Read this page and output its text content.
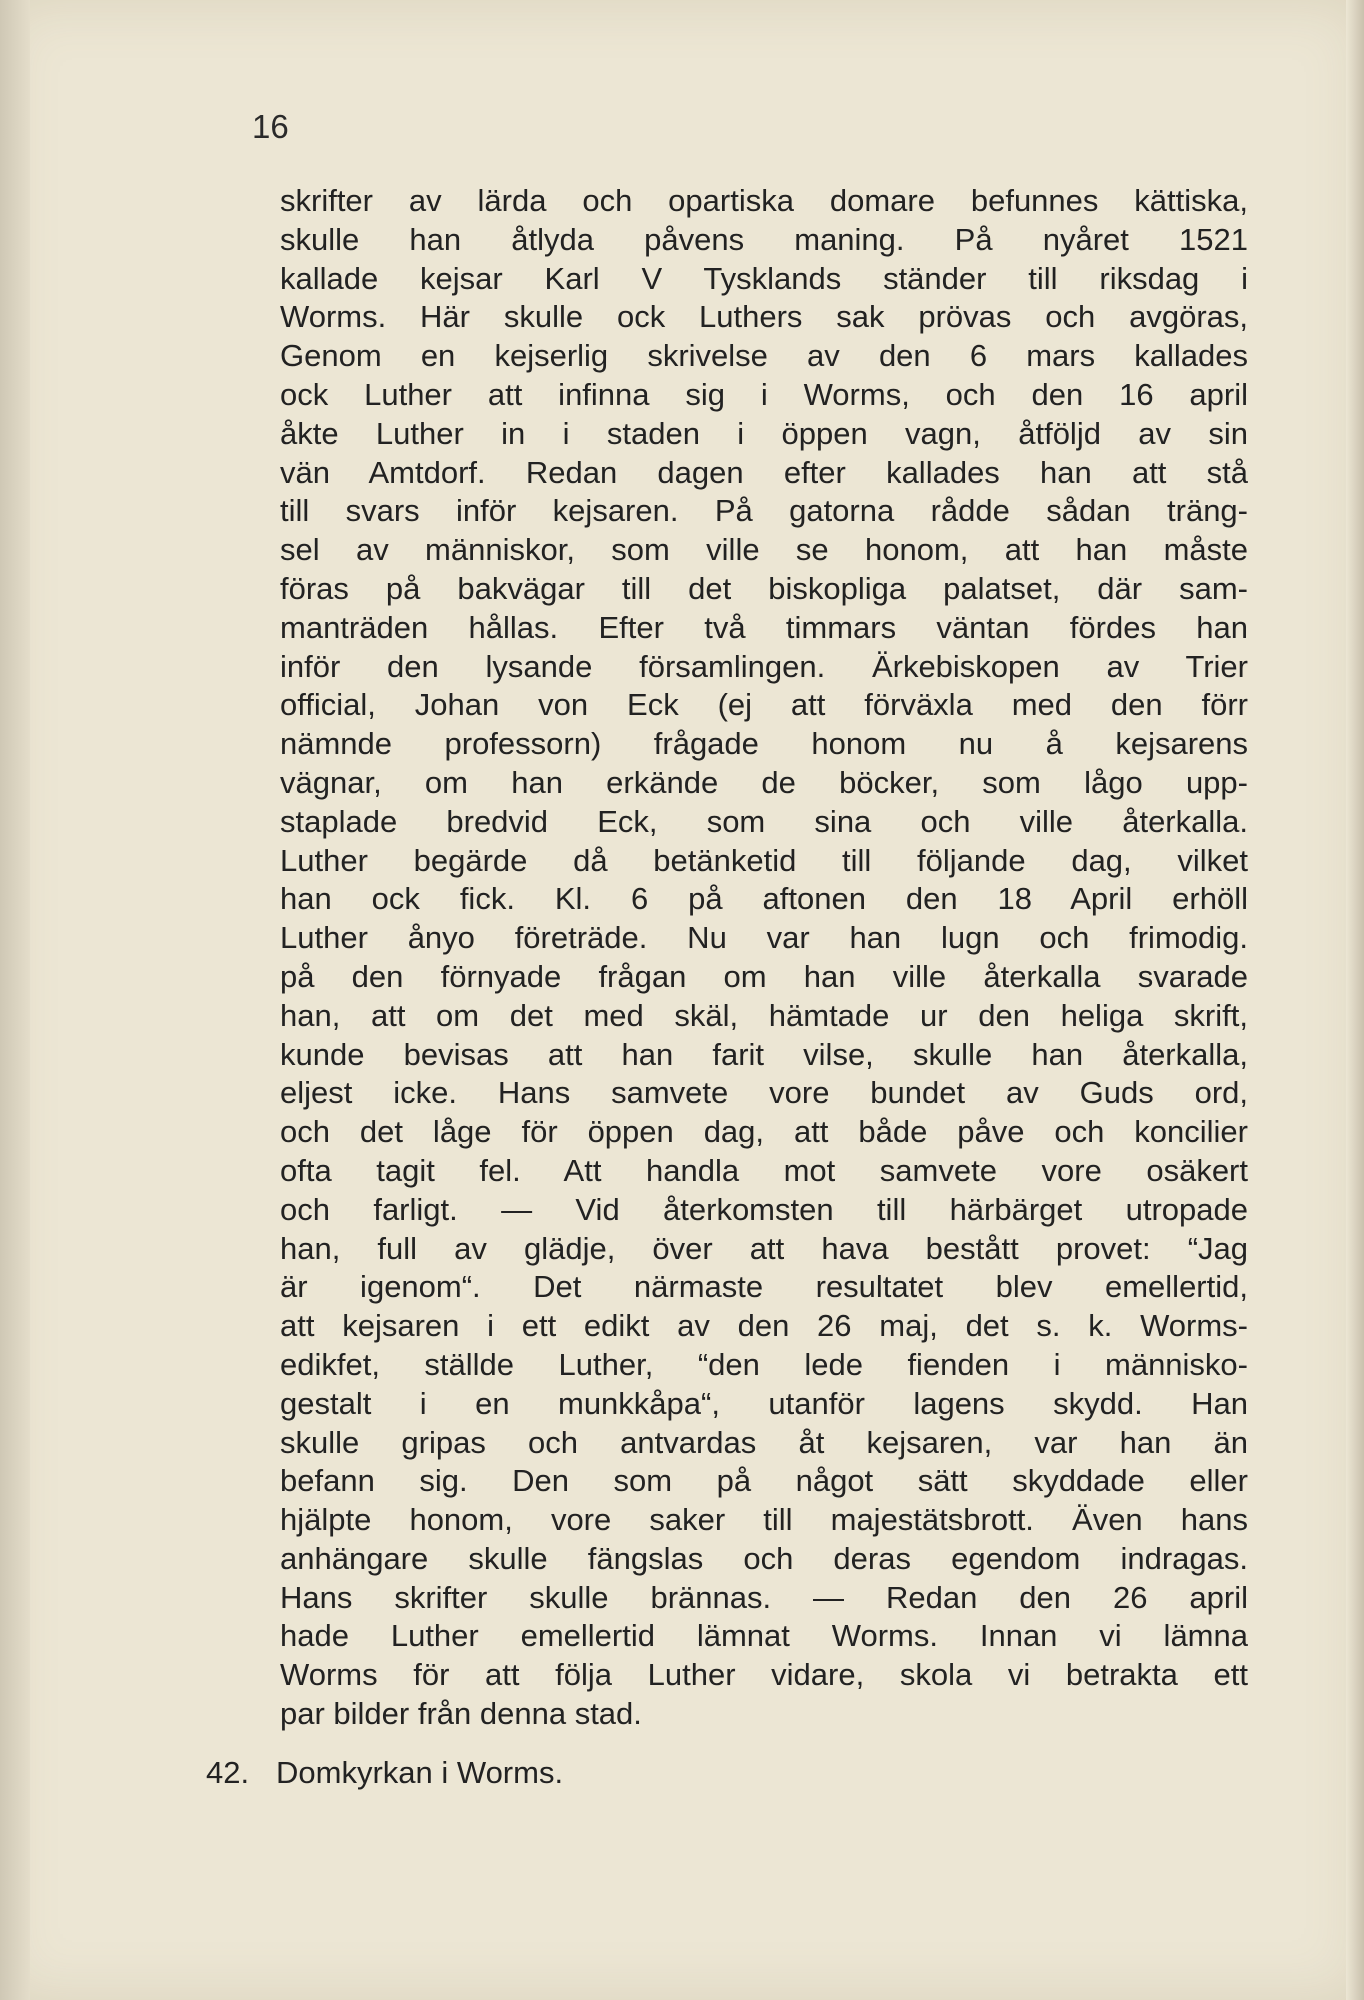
16
skrifter av lärda och opartiska domare befunnes kättiska,
skulle han åtlyda påvens maning. På nyåret 1521
kallade kejsar Karl V Tysklands ständer till riksdag i
Worms. Här skulle ock Luthers sak prövas och avgöras,
Genom en kejserlig skrivelse av den 6 mars kallades
ock Luther att infinna sig i Worms, och den 16 april
åkte Luther in i staden i öppen vagn, åtföljd av sin
vän Amtdorf. Redan dagen efter kallades han att stå
till svars inför kejsaren. På gatorna rådde sådan träng-
sel av människor, som ville se honom, att han måste
föras på bakvägar till det biskopliga palatset, där sam-
manträden hållas. Efter två timmars väntan fördes han
inför den lysande församlingen. Ärkebiskopen av Trier
official, Johan von Eck (ej att förväxla med den förr
nämnde professorn) frågade honom nu å kejsarens
vägnar, om han erkände de böcker, som lågo upp-
staplade bredvid Eck, som sina och ville återkalla.
Luther begärde då betänketid till följande dag, vilket
han ock fick. Kl. 6 på aftonen den 18 April erhöll
Luther ånyo företräde. Nu var han lugn och frimodig.
på den förnyade frågan om han ville återkalla svarade
han, att om det med skäl, hämtade ur den heliga skrift,
kunde bevisas att han farit vilse, skulle han återkalla,
eljest icke. Hans samvete vore bundet av Guds ord,
och det låge för öppen dag, att både påve och koncilier
ofta tagit fel. Att handla mot samvete vore osäkert
och farligt. — Vid återkomsten till härbärget utropade
han, full av glädje, över att hava bestått provet: “Jag
är igenom“. Det närmaste resultatet blev emellertid,
att kejsaren i ett edikt av den 26 maj, det s. k. Worms-
edikfet, ställde Luther, “den lede fienden i människo-
gestalt i en munkkåpa“, utanför lagens skydd. Han
skulle gripas och antvardas åt kejsaren, var han än
befann sig. Den som på något sätt skyddade eller
hjälpte honom, vore saker till majestätsbrott. Även hans
anhängare skulle fängslas och deras egendom indragas.
Hans skrifter skulle brännas. — Redan den 26 april
hade Luther emellertid lämnat Worms. Innan vi lämna
Worms för att följa Luther vidare, skola vi betrakta ett
par bilder från denna stad.
42. Domkyrkan i Worms.
